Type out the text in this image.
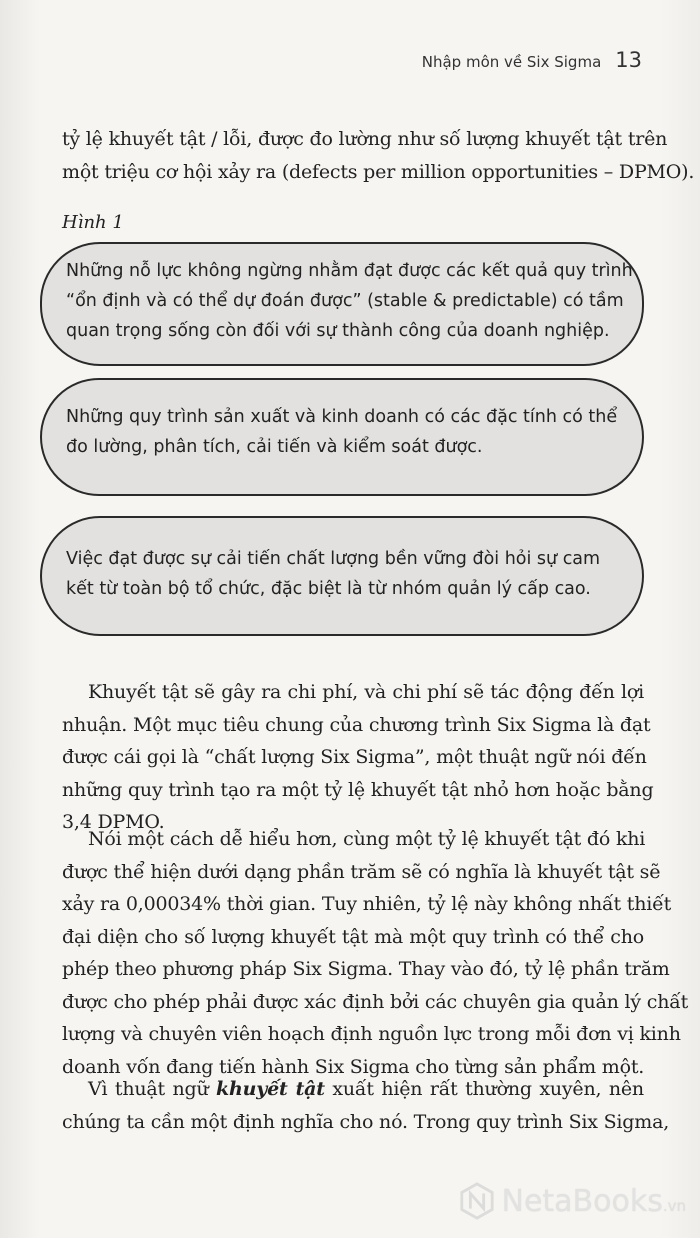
Nhập môn về Six Sigma 13

tỷ lệ khuyết tật / lỗi, được đo lường như số lượng khuyết tật trên
một triệu cơ hội xảy ra (defects per million opportunities – DPMO).

Hình 1
Những nỗ lực không ngừng nhằm đạt được các kết quả quy trình
“ổn định và có thể dự đoán được” (stable & predictable) có tầm
quan trọng sống còn đối với sự thành công của doanh nghiệp.
Những quy trình sản xuất và kinh doanh có các đặc tính có thể
đo lường, phân tích, cải tiến và kiểm soát được.
Việc đạt được sự cải tiến chất lượng bền vững đòi hỏi sự cam
kết từ toàn bộ tổ chức, đặc biệt là từ nhóm quản lý cấp cao.

Khuyết tật sẽ gây ra chi phí, và chi phí sẽ tác động đến lợi
nhuận. Một mục tiêu chung của chương trình Six Sigma là đạt
được cái gọi là “chất lượng Six Sigma”, một thuật ngữ nói đến
những quy trình tạo ra một tỷ lệ khuyết tật nhỏ hơn hoặc bằng
3,4 DPMO.

Nói một cách dễ hiểu hơn, cùng một tỷ lệ khuyết tật đó khi
được thể hiện dưới dạng phần trăm sẽ có nghĩa là khuyết tật sẽ
xảy ra 0,00034% thời gian. Tuy nhiên, tỷ lệ này không nhất thiết
đại diện cho số lượng khuyết tật mà một quy trình có thể cho
phép theo phương pháp Six Sigma. Thay vào đó, tỷ lệ phần trăm
được cho phép phải được xác định bởi các chuyên gia quản lý chất
lượng và chuyên viên hoạch định nguồn lực trong mỗi đơn vị kinh
doanh vốn đang tiến hành Six Sigma cho từng sản phẩm một.

Vì thuật ngữ khuyết tật xuất hiện rất thường xuyên, nên
chúng ta cần một định nghĩa cho nó. Trong quy trình Six Sigma,

NetaBooks.vn
